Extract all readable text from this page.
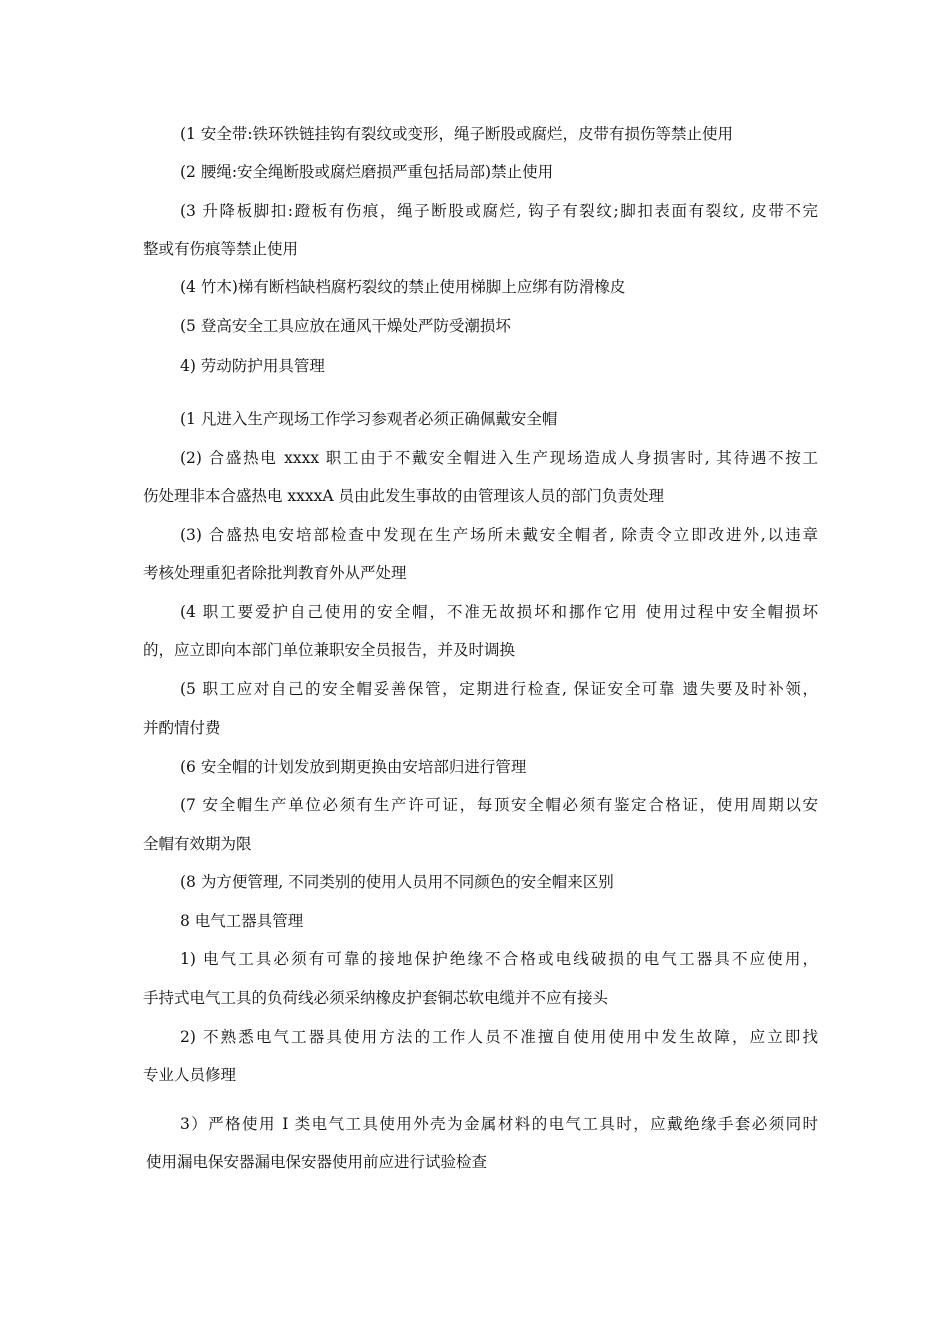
(1 安全带:铁环铁链挂钩有裂纹或变形，绳子断股或腐烂，皮带有损伤等禁止使用
(2 腰绳:安全绳断股或腐烂磨损严重包括局部)禁止使用
(3 升降板脚扣:蹬板有伤痕，绳子断股或腐烂, 钩子有裂纹;脚扣表面有裂纹, 皮带不完
整或有伤痕等禁止使用
(4 竹木)梯有断档缺档腐朽裂纹的禁止使用梯脚上应绑有防滑橡皮
(5 登高安全工具应放在通风干燥处严防受潮损坏
4) 劳动防护用具管理
(1 凡进入生产现场工作学习参观者必须正确佩戴安全帽
(2) 合盛热电 xxxx 职工由于不戴安全帽进入生产现场造成人身损害时, 其待遇不按工
伤处理非本合盛热电 xxxxA 员由此发生事故的由管理该人员的部门负责处理
(3) 合盛热电安培部检查中发现在生产场所未戴安全帽者, 除责令立即改进外,以违章
考核处理重犯者除批判教育外从严处理
(4 职工要爱护自己使用的安全帽，不准无故损坏和挪作它用 使用过程中安全帽损坏
的，应立即向本部门单位兼职安全员报告，并及时调换
(5 职工应对自己的安全帽妥善保管，定期进行检查, 保证安全可靠 遗失要及时补领，
并酌情付费
(6 安全帽的计划发放到期更换由安培部归进行管理
(7 安全帽生产单位必须有生产许可证，每顶安全帽必须有鉴定合格证，使用周期以安
全帽有效期为限
(8 为方便管理, 不同类别的使用人员用不同颜色的安全帽来区别
8 电气工器具管理
1) 电气工具必须有可靠的接地保护绝缘不合格或电线破损的电气工器具不应使用，
手持式电气工具的负荷线必须采纳橡皮护套铜芯软电缆并不应有接头
2) 不熟悉电气工器具使用方法的工作人员不准擅自使用使用中发生故障，应立即找
专业人员修理
3）严格使用 I 类电气工具使用外壳为金属材料的电气工具时，应戴绝缘手套必须同时
使用漏电保安器漏电保安器使用前应进行试验检查
